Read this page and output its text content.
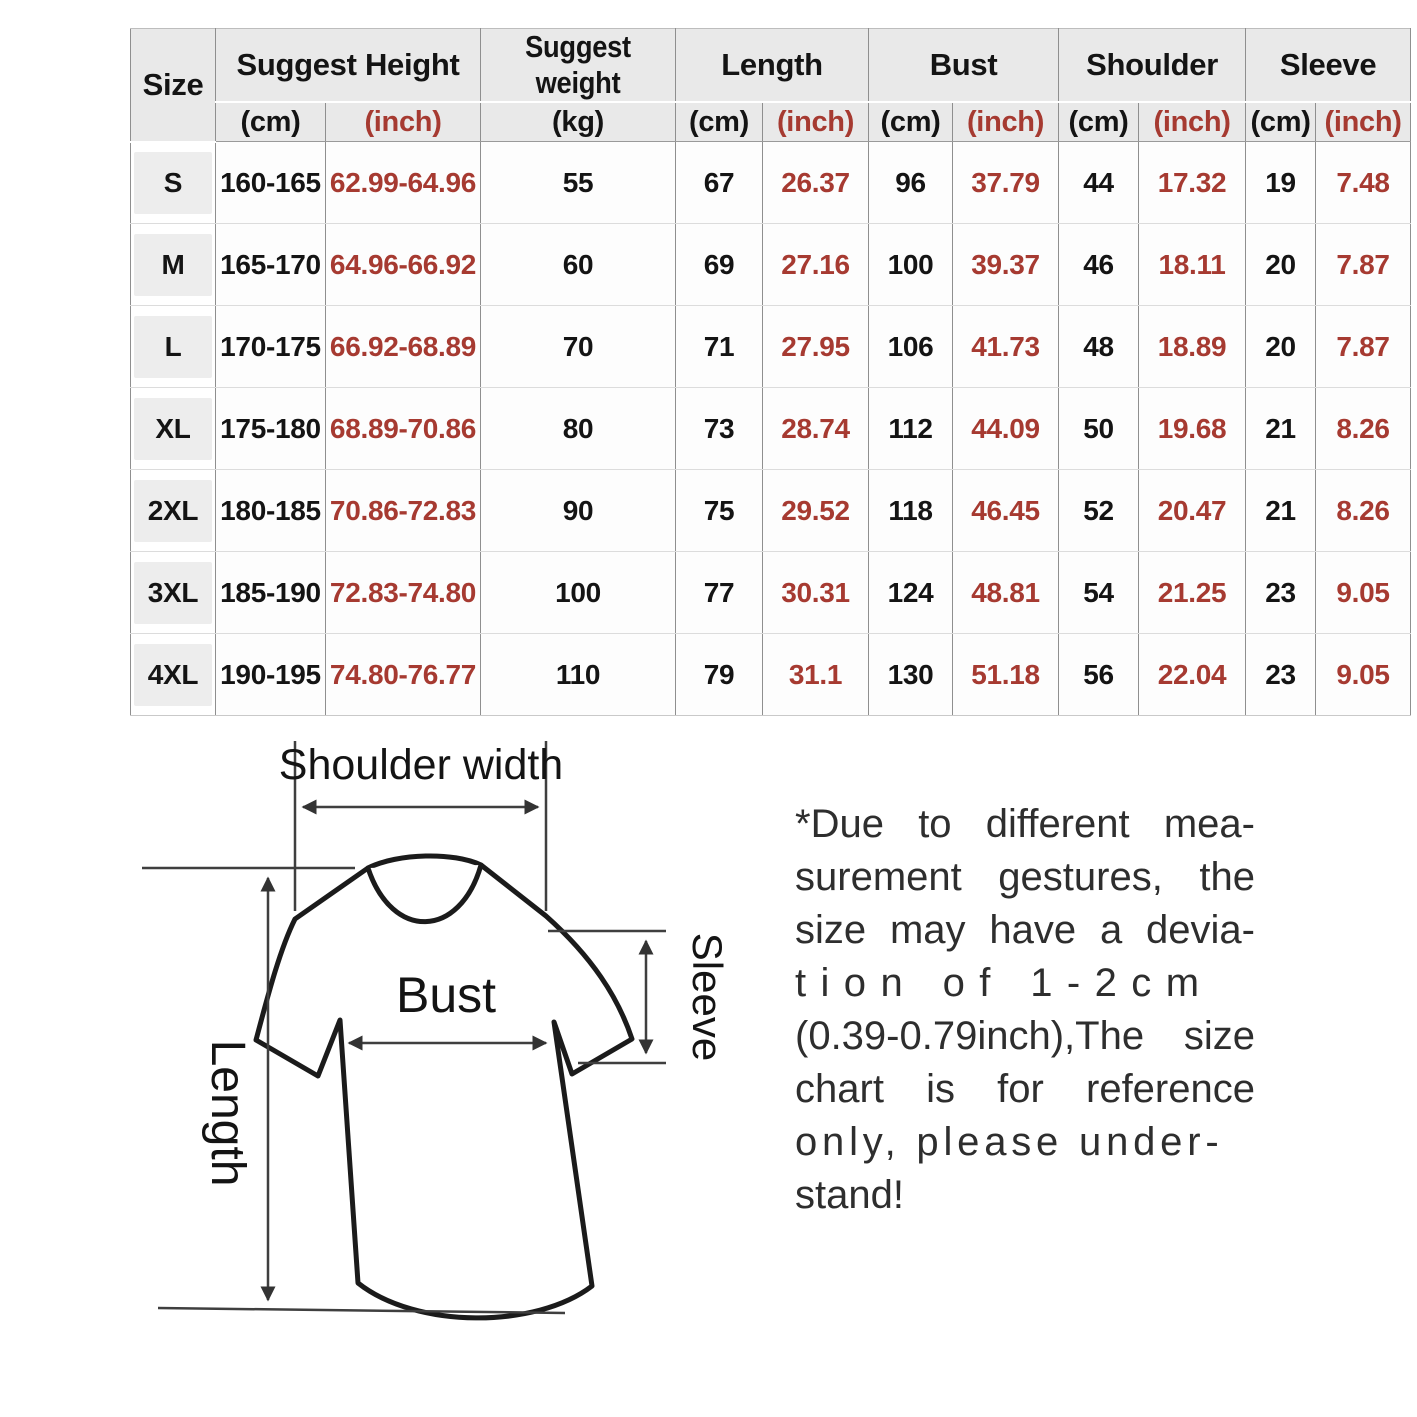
Size	Suggest Height		Suggest weight	Length		Bust		Shoulder		Sleeve	
	(cm)	(inch)	(kg)	(cm)	(inch)	(cm)	(inch)	(cm)	(inch)	(cm)	(inch)

S	160-165	62.99-64.96	55	67	26.37	96	37.79	44	17.32	19	7.48

M	165-170	64.96-66.92	60	69	27.16	100	39.37	46	18.11	20	7.87

L	170-175	66.92-68.89	70	71	27.95	106	41.73	48	18.89	20	7.87

XL	175-180	68.89-70.86	80	73	28.74	112	44.09	50	19.68	21	8.26

2XL	180-185	70.86-72.83	90	75	29.52	118	46.45	52	20.47	21	8.26

3XL	185-190	72.83-74.80	100	77	30.31	124	48.81	54	21.25	23	9.05

4XL	190-195	74.80-76.77	110	79	31.1	130	51.18	56	22.04	23	9.05
Shoulder width
Length
Bust	Sleeve
*Due to different mea-
surement gestures, the
size may have a devia-
tion of 1-2cm
(0.39-0.79inch),The size
chart is for reference
only, please under-
stand!
